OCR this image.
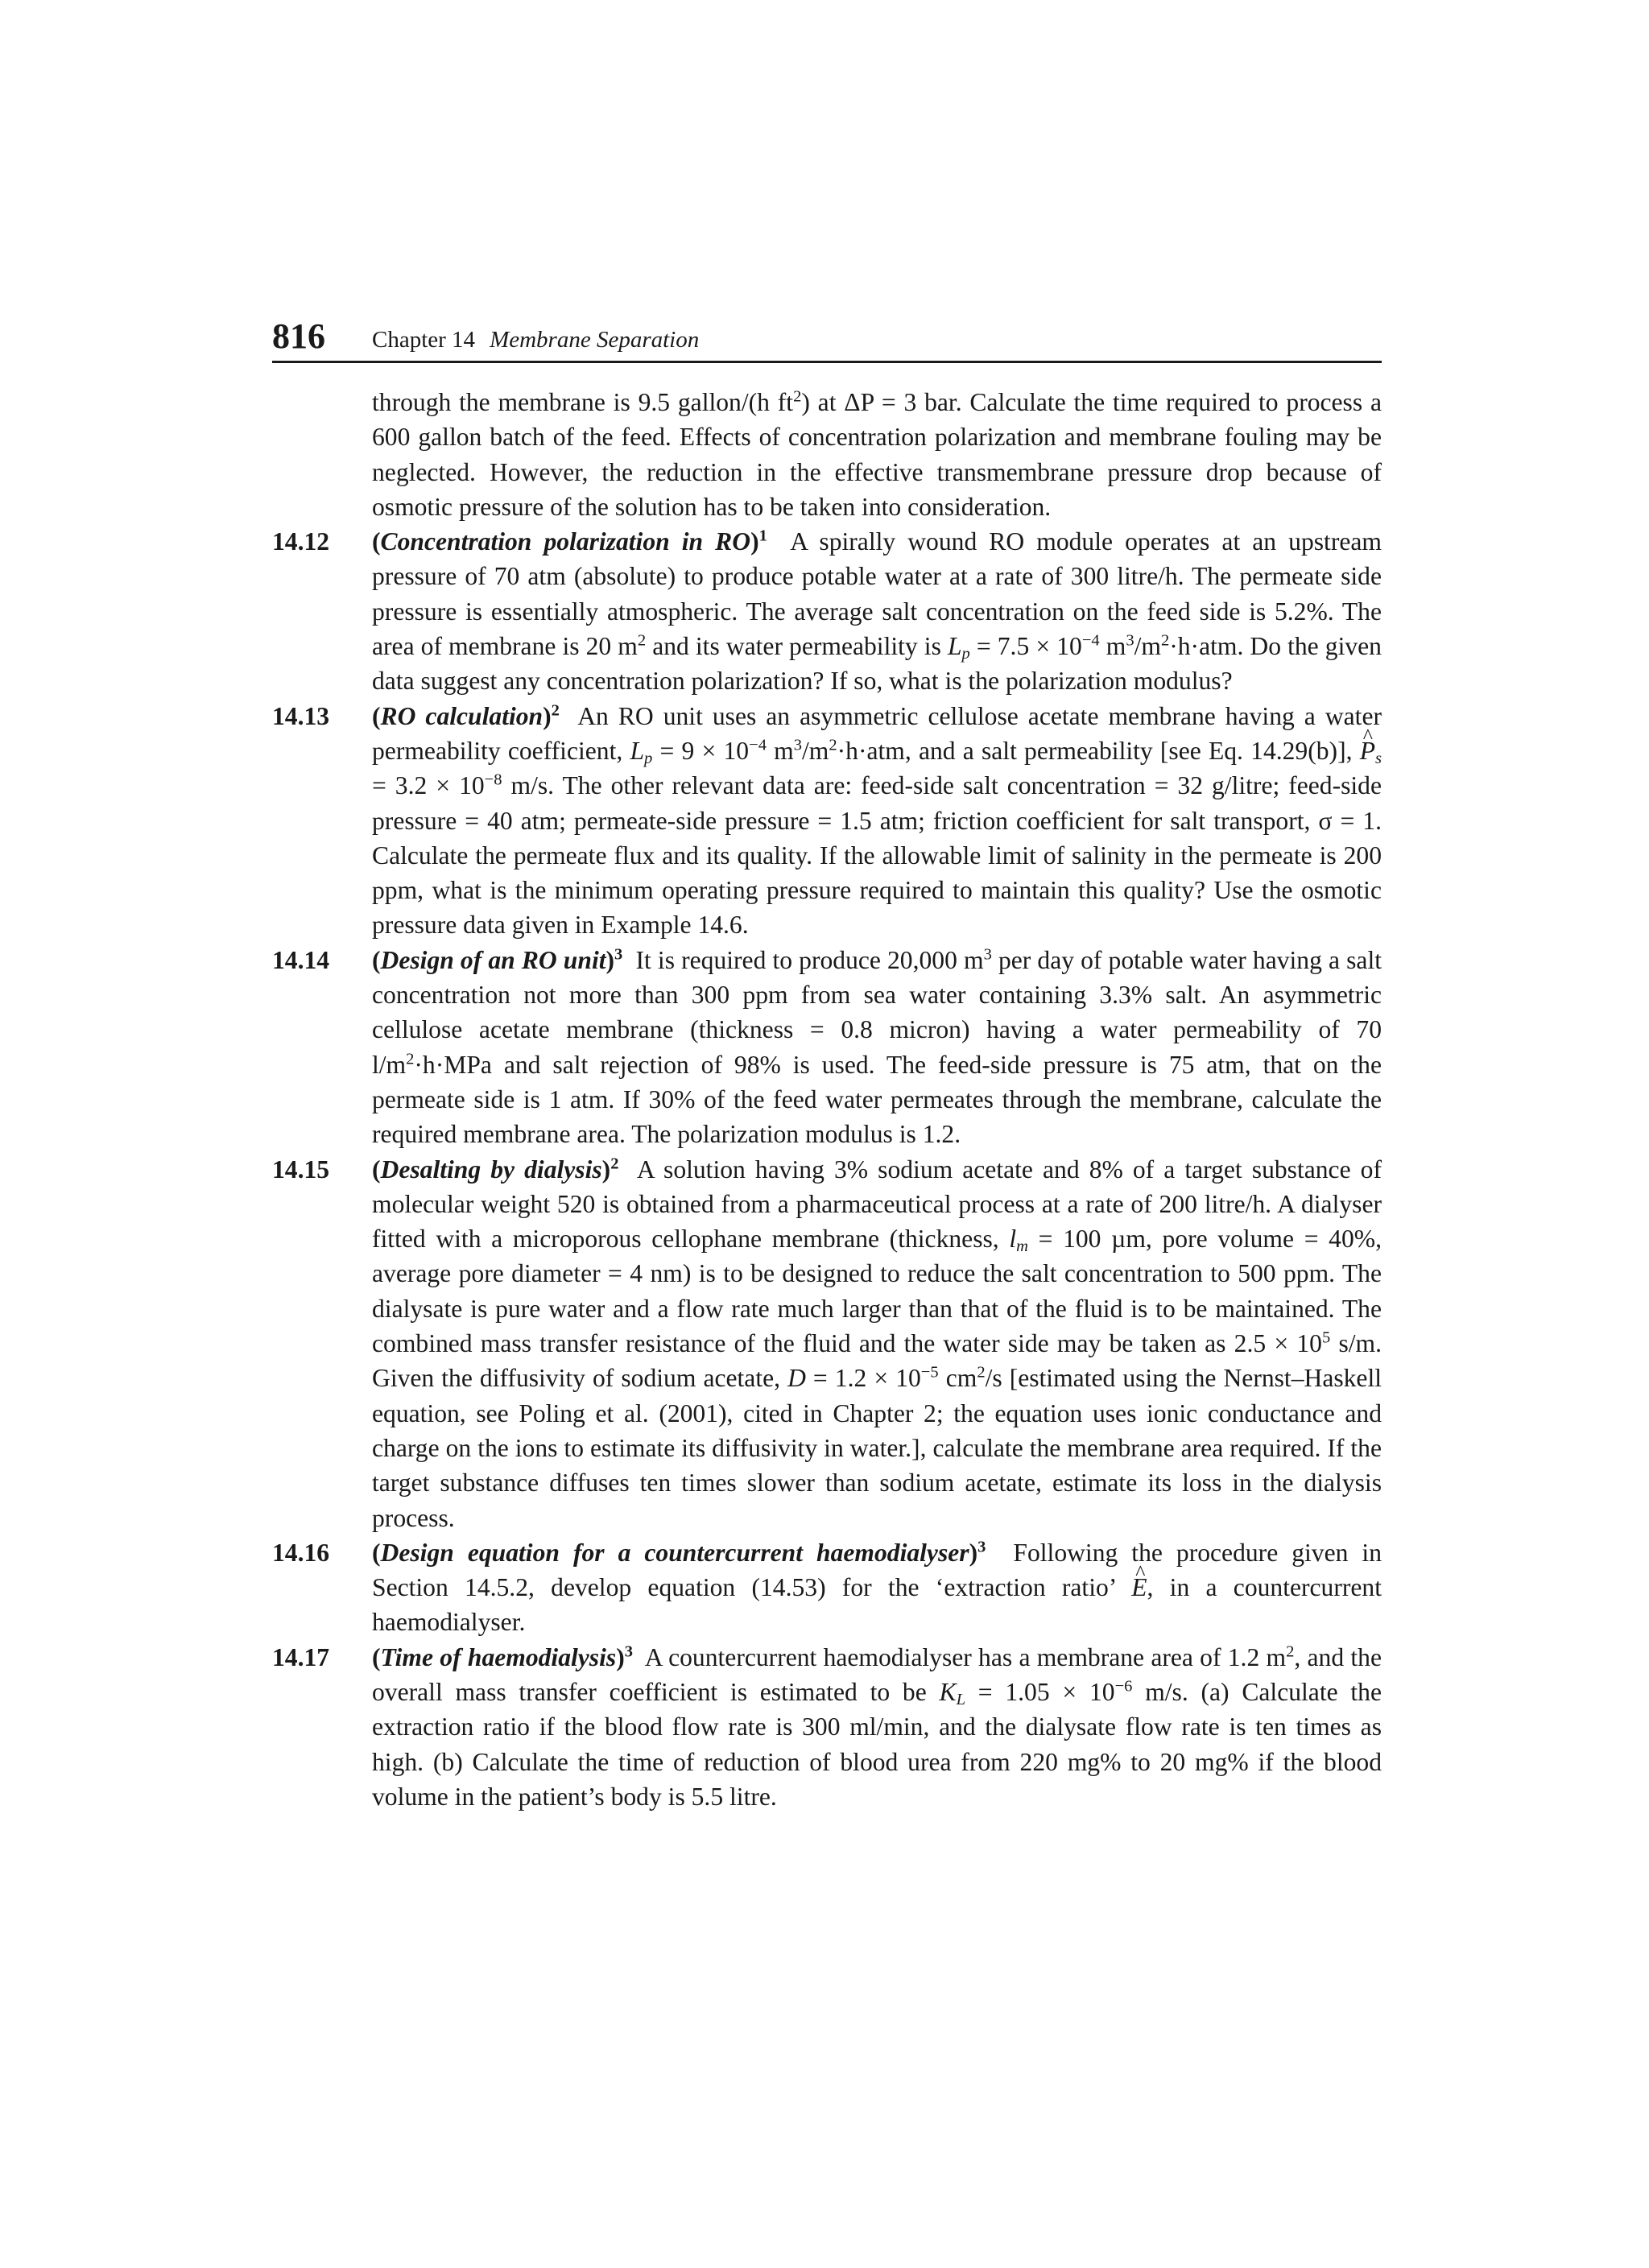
816 Chapter 14 Membrane Separation

through the membrane is 9.5 gallon/(h $ft^2$) at ΔP = 3 bar. Calculate the time required to process a 600 gallon batch of the feed. Effects of concentration polarization and membrane fouling may be neglected. However, the reduction in the effective transmembrane pressure drop because of osmotic pressure of the solution has to be taken into consideration.

14.12 (Concentration polarization in RO)$^1$ A spirally wound RO module operates at an upstream pressure of 70 atm (absolute) to produce potable water at a rate of 300 litre/h. The permeate side pressure is essentially atmospheric. The average salt concentration on the feed side is 5.2%. The area of membrane is 20 $m^2$ and its water permeability is $L_p = 7.5 \times 10^{-4}$ $m^3/m^2\cdot h\cdot atm$. Do the given data suggest any concentration polarization? If so, what is the polarization modulus?

14.13 (RO calculation)$^2$ An RO unit uses an asymmetric cellulose acetate membrane having a water permeability coefficient, $L_p = 9 \times 10^{-4}$ $m^3/m^2\cdot h\cdot atm$, and a salt permeability [see Eq. 14.29(b)], ^ $P_s = 3.2 \times 10^{-8}$ m/s. The other relevant data are: feed-side salt concentration = 32 g/litre; feed-side pressure = 40 atm; permeate-side pressure = 1.5 atm; friction coefficient for salt transport, σ = 1. Calculate the permeate flux and its quality. If the allowable limit of salinity in the permeate is 200 ppm, what is the minimum operating pressure required to maintain this quality? Use the osmotic pressure data given in Example 14.6.

14.14 (Design of an RO unit)$^3$ It is required to produce 20,000 $m^3$ per day of potable water having a salt concentration not more than 300 ppm from sea water containing 3.3% salt. An asymmetric cellulose acetate membrane (thickness = 0.8 micron) having a water permeability of 70 $l/m^2\cdot h\cdot MPa$ and salt rejection of 98% is used. The feed-side pressure is 75 atm, that on the permeate side is 1 atm. If 30% of the feed water permeates through the membrane, calculate the required membrane area. The polarization modulus is 1.2.

14.15 (Desalting by dialysis)$^2$ A solution having 3% sodium acetate and 8% of a target substance of molecular weight 520 is obtained from a pharmaceutical process at a rate of 200 litre/h. A dialyser fitted with a microporous cellophane membrane (thickness, $l_m = 100$ µm, pore volume = 40%, average pore diameter = 4 nm) is to be designed to reduce the salt concentration to 500 ppm. The dialysate is pure water and a flow rate much larger than that of the fluid is to be maintained. The combined mass transfer resistance of the fluid and the water side may be taken as $2.5 \times 10^5$ s/m. Given the diffusivity of sodium acetate, $D = 1.2 \times 10^{-5}$ $cm^2/s$ [estimated using the Nernst–Haskell equation, see Poling et al. (2001), cited in Chapter 2; the equation uses ionic conductance and charge on the ions to estimate its diffusivity in water.], calculate the membrane area required. If the target substance diffuses ten times slower than sodium acetate, estimate its loss in the dialysis process.

14.16 (Design equation for a countercurrent haemodialyser)$^3$ Following the procedure given in Section 14.5.2, develop equation (14.53) for the ‘extraction ratio’ ^ E, in a countercurrent haemodialyser.

14.17 (Time of haemodialysis)$^3$ A countercurrent haemodialyser has a membrane area of 1.2 $m^2$, and the overall mass transfer coefficient is estimated to be $K_L = 1.05 \times 10^{-6}$ m/s. (a) Calculate the extraction ratio if the blood flow rate is 300 ml/min, and the dialysate flow rate is ten times as high. (b) Calculate the time of reduction of blood urea from 220 mg% to 20 mg% if the blood volume in the patient’s body is 5.5 litre.
